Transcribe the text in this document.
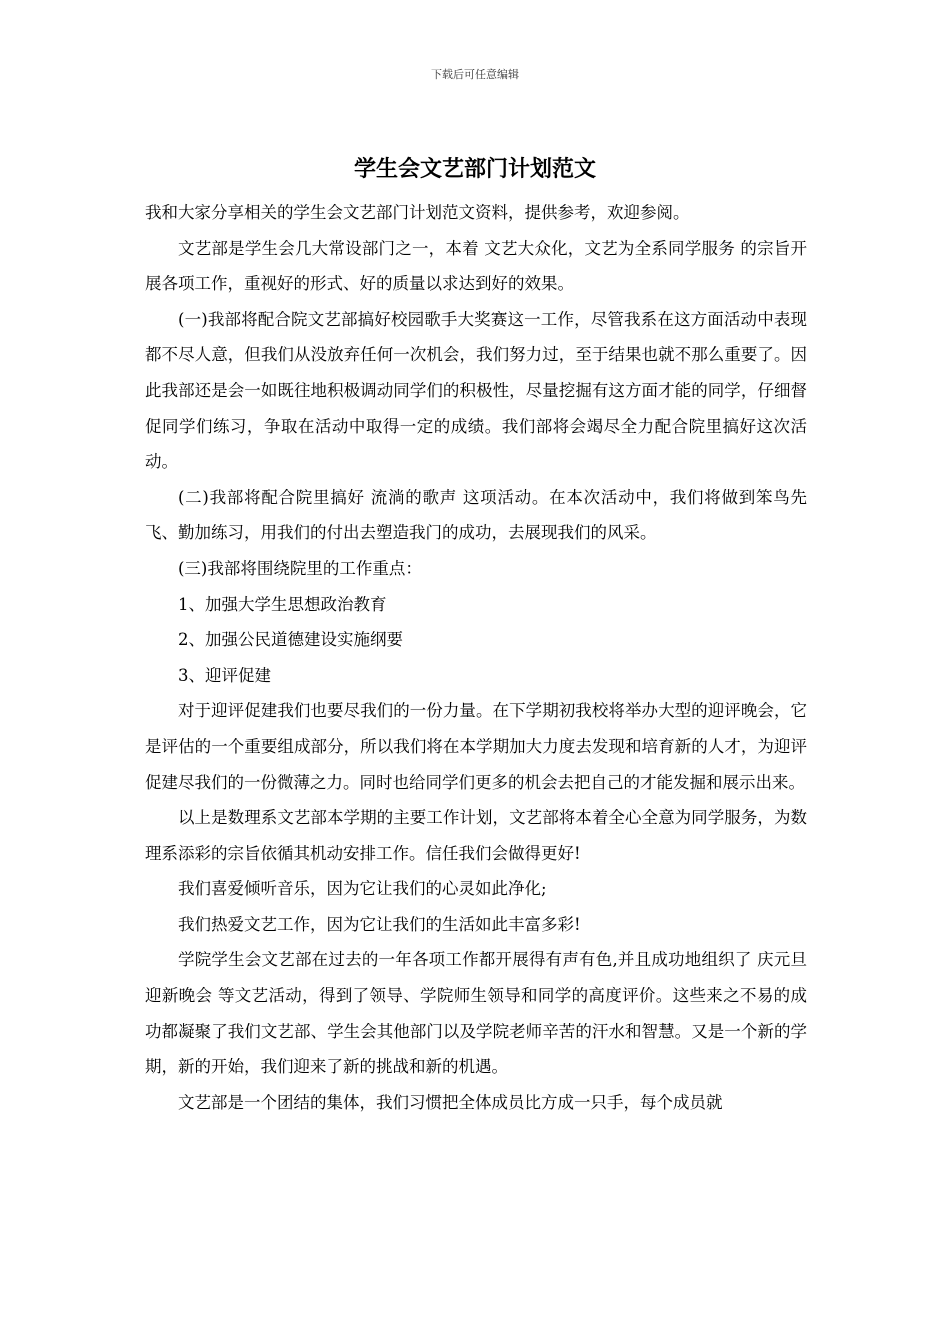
下载后可任意编辑
学生会文艺部门计划范文

我和大家分享相关的学生会文艺部门计划范文资料，提供参考，欢迎参阅。

文艺部是学生会几大常设部门之一，本着 文艺大众化，文艺为全系同学服务 的宗旨开展各项工作，重视好的形式、好的质量以求达到好的效果。

(一)我部将配合院文艺部搞好校园歌手大奖赛这一工作，尽管我系在这方面活动中表现都不尽人意，但我们从没放弃任何一次机会，我们努力过，至于结果也就不那么重要了。因此我部还是会一如既往地积极调动同学们的积极性，尽量挖掘有这方面才能的同学，仔细督促同学们练习，争取在活动中取得一定的成绩。我们部将会竭尽全力配合院里搞好这次活动。

(二)我部将配合院里搞好 流淌的歌声 这项活动。在本次活动中，我们将做到笨鸟先飞、勤加练习，用我们的付出去塑造我门的成功，去展现我们的风采。

(三)我部将围绕院里的工作重点：

1、加强大学生思想政治教育

2、加强公民道德建设实施纲要

3、迎评促建

对于迎评促建我们也要尽我们的一份力量。在下学期初我校将举办大型的迎评晚会，它是评估的一个重要组成部分，所以我们将在本学期加大力度去发现和培育新的人才，为迎评促建尽我们的一份微薄之力。同时也给同学们更多的机会去把自己的才能发掘和展示出来。

以上是数理系文艺部本学期的主要工作计划，文艺部将本着全心全意为同学服务，为数理系添彩的宗旨依循其机动安排工作。信任我们会做得更好!

我们喜爱倾听音乐，因为它让我们的心灵如此净化;

我们热爱文艺工作，因为它让我们的生活如此丰富多彩!

学院学生会文艺部在过去的一年各项工作都开展得有声有色,并且成功地组织了 庆元旦迎新晚会 等文艺活动，得到了领导、学院师生领导和同学的高度评价。这些来之不易的成功都凝聚了我们文艺部、学生会其他部门以及学院老师辛苦的汗水和智慧。又是一个新的学期，新的开始，我们迎来了新的挑战和新的机遇。

文艺部是一个团结的集体，我们习惯把全体成员比方成一只手，每个成员就
